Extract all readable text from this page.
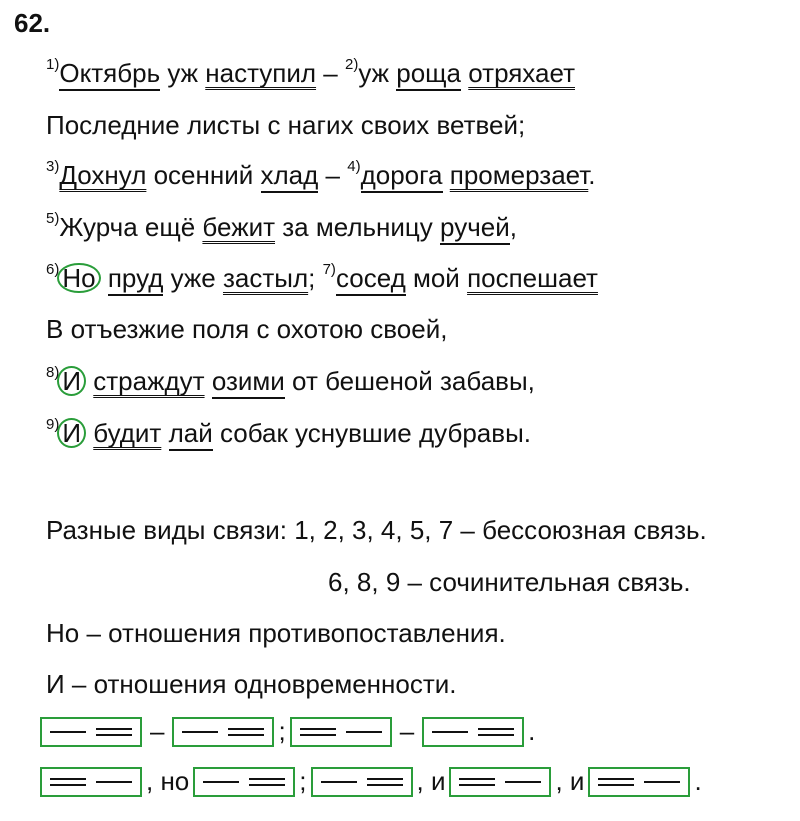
62.
$^{1)}$Октябрь уж наступил – $^{2)}$уж роща отряхает
Последние листы с нагих своих ветвей;
$^{3)}$Дохнул осенний хлад – $^{4)}$дорога промерзает.
$^{5)}$Журча ещё бежит за мельницу ручей,
$^{6)}$ Но пруд уже застыл; $^{7)}$сосед мой поспешает
В отъезжие поля с охотою своей,
$^{8)}$ И страждут озими от бешеной забавы,
$^{9)}$ И будит лай собак уснувшие дубравы.
Разные виды связи: 1, 2, 3, 4, 5, 7 – бессоюзная связь.
6, 8, 9 – сочинительная связь.
Но – отношения противопоставления.
И – отношения одновременности.
–	;	–	.
, но	;	, и	, и	.
